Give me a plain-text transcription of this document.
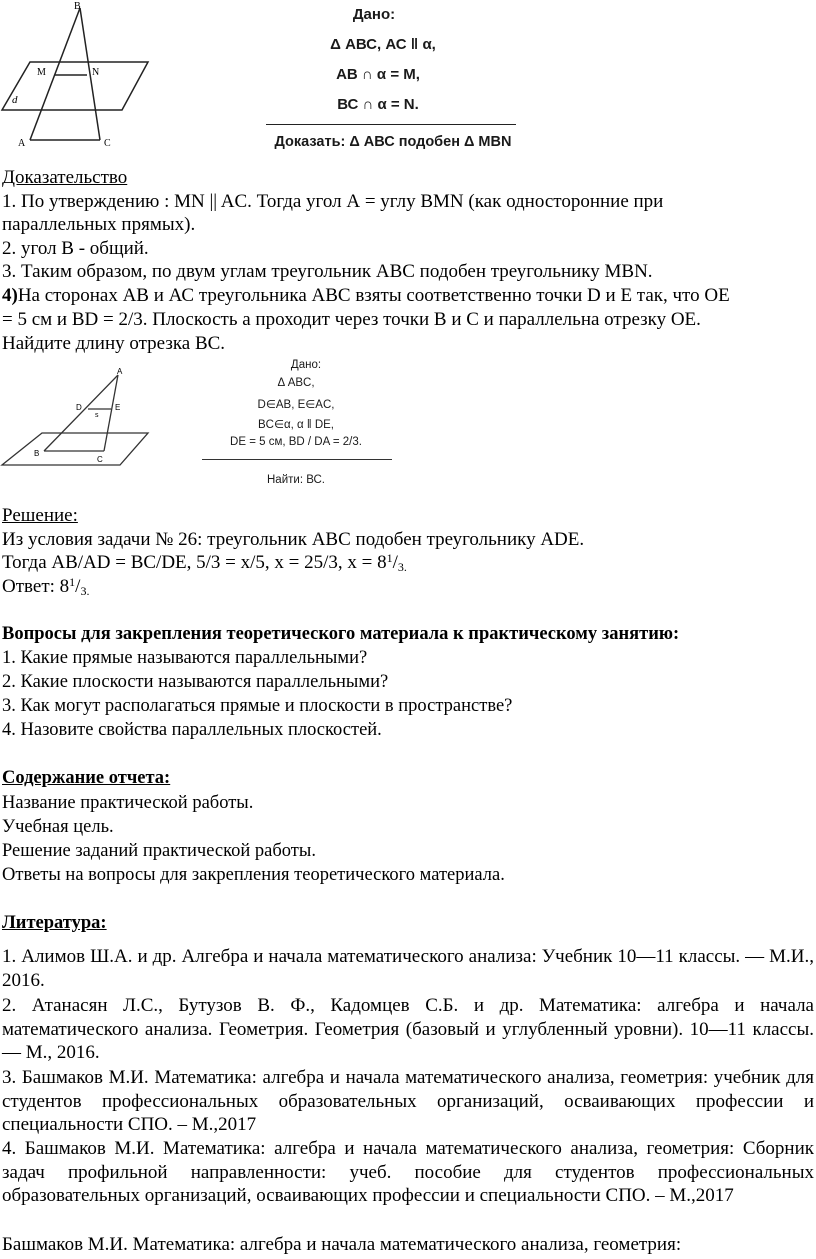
B
M	N
d
A	C
Дано:
Δ АВС, АС ǁ α,
АВ ∩ α = М,
ВС ∩ α = N.
Доказать: Δ АВС подобен Δ МВN
Доказательство
1. По утверждению : MN || AC. Тогда угол А = углу BMN (как односторонние при
параллельных прямых).
2. угол В - общий.
3. Таким образом, по двум углам треугольник АВС подобен треугольнику MBN.
4)На сторонах АВ и АС треугольника АВС взяты соответственно точки D и Е так, что ОЕ
= 5 см и BD = 2/3. Плоскость а проходит через точки В и С и параллельна отрезку ОЕ.
Найдите длину отрезка ВС.
A
D	E
s
B
C
Дано:
Δ ABC,
D∈AB, E∈AC,
BC∈α, α ǁ DE,
DE = 5 см, BD / DA = 2/3.
Найти: ВС.
Решение:
Из условия задачи № 26: треугольник АВС подобен треугольнику ADE.
Тогда АВ/AD = BC/DE, 5/3 = х/5, х = 25/3, $х = 8^1/_{3.}$
Ответ: $8^1/_{3.}$
Вопросы для закрепления теоретического материала к практическому занятию:
1. Какие прямые называются параллельными?
2. Какие плоскости называются параллельными?
3. Как могут располагаться прямые и плоскости в пространстве?
4. Назовите свойства параллельных плоскостей.
Содержание отчета:
Название практической работы.
Учебная цель.
Решение заданий практической работы.
Ответы на вопросы для закрепления теоретического материала.
Литература:
1. Алимов Ш.А. и др. Алгебра и начала математического анализа: Учебник 10—11 классы. — М.И., 2016.
2. Атанасян Л.С., Бутузов В. Ф., Кадомцев С.Б. и др. Математика: алгебра и начала математического анализа. Геометрия. Геометрия (базовый и углубленный уровни). 10—11 классы. — М., 2016.
3. Башмаков М.И. Математика: алгебра и начала математического анализа, геометрия: учебник для студентов профессиональных образовательных организаций, осваивающих профессии и специальности СПО. – М.,2017
4. Башмаков М.И. Математика: алгебра и начала математического анализа, геометрия: Сборник задач профильной направленности: учеб. пособие для студентов профессиональных образовательных организаций, осваивающих профессии и специальности СПО. – М.,2017
Башмаков М.И. Математика: алгебра и начала математического анализа, геометрия:
